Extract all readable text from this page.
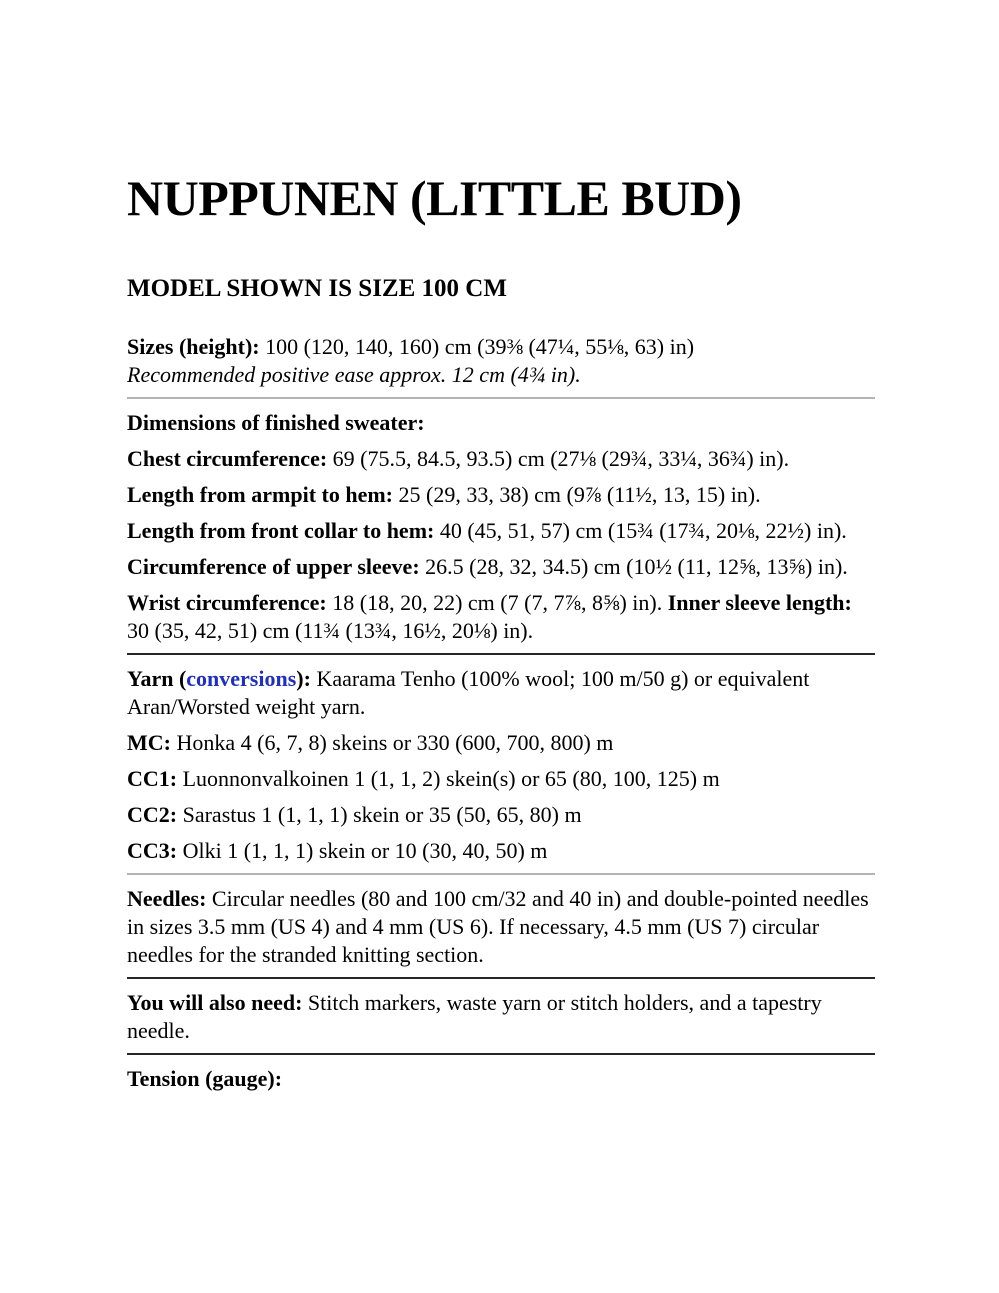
NUPPUNEN (LITTLE BUD)
MODEL SHOWN IS SIZE 100 CM

Sizes (height): 100 (120, 140, 160) cm (39⅜ (47¼, 55⅛, 63) in)
Recommended positive ease approx. 12 cm (4¾ in).

Dimensions of finished sweater:

Chest circumference: 69 (75.5, 84.5, 93.5) cm (27⅛ (29¾, 33¼, 36¾) in).

Length from armpit to hem: 25 (29, 33, 38) cm (9⅞ (11½, 13, 15) in).

Length from front collar to hem: 40 (45, 51, 57) cm (15¾ (17¾, 20⅛, 22½) in).

Circumference of upper sleeve: 26.5 (28, 32, 34.5) cm (10½ (11, 12⅝, 13⅝) in).

Wrist circumference: 18 (18, 20, 22) cm (7 (7, 7⅞, 8⅝) in). Inner sleeve length: 30 (35, 42, 51) cm (11¾ (13¾, 16½, 20⅛) in).

Yarn (conversions): Kaarama Tenho (100% wool; 100 m/50 g) or equivalent Aran/Worsted weight yarn.

MC: Honka 4 (6, 7, 8) skeins or 330 (600, 700, 800) m

CC1: Luonnonvalkoinen 1 (1, 1, 2) skein(s) or 65 (80, 100, 125) m

CC2: Sarastus 1 (1, 1, 1) skein or 35 (50, 65, 80) m

CC3: Olki 1 (1, 1, 1) skein or 10 (30, 40, 50) m

Needles: Circular needles (80 and 100 cm/32 and 40 in) and double-pointed needles in sizes 3.5 mm (US 4) and 4 mm (US 6). If necessary, 4.5 mm (US 7) circular needles for the stranded knitting section.

You will also need: Stitch markers, waste yarn or stitch holders, and a tapestry needle.

Tension (gauge):
